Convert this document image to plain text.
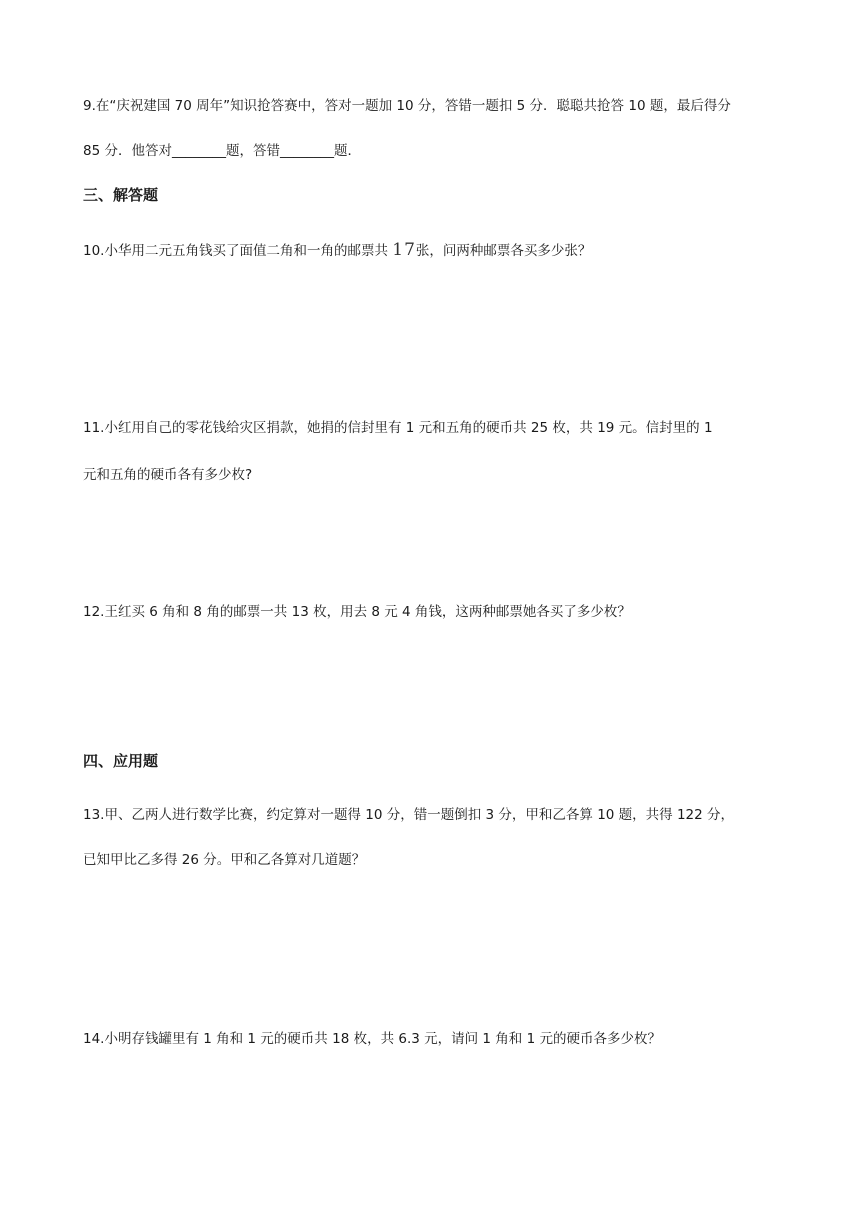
9.在“庆祝建国 70 周年”知识抢答赛中，答对一题加 10 分，答错一题扣 5 分．聪聪共抢答 10 题，最后得分
85 分．他答对________题，答错________题．
三、解答题
10.小华用二元五角钱买了面值二角和一角的邮票共 17张，问两种邮票各买多少张？
11.小红用自己的零花钱给灾区捐款，她捐的信封里有 1 元和五角的硬币共 25 枚，共 19 元。信封里的 1
元和五角的硬币各有多少枚?
12.王红买 6 角和 8 角的邮票一共 13 枚，用去 8 元 4 角钱，这两种邮票她各买了多少枚？
四、应用题
13.甲、乙两人进行数学比赛，约定算对一题得 10 分，错一题倒扣 3 分，甲和乙各算 10 题，共得 122 分，
已知甲比乙多得 26 分。甲和乙各算对几道题？
14.小明存钱罐里有 1 角和 1 元的硬币共 18 枚，共 6.3 元，请问 1 角和 1 元的硬币各多少枚？
